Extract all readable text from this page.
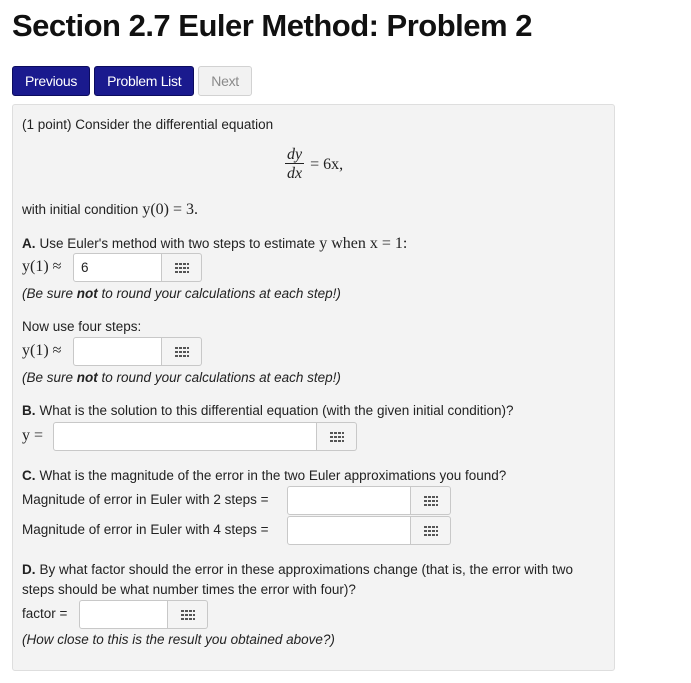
Section 2.7 Euler Method: Problem 2
Previous	Problem List	Next
(1 point) Consider the differential equation
$\frac{dy}{dx} = 6x$,
with initial condition y(0) = 3.
A. Use Euler's method with two steps to estimate y when x = 1:
y(1) ≈
6
(Be sure not to round your calculations at each step!)
Now use four steps:
y(1) ≈
(Be sure not to round your calculations at each step!)
B. What is the solution to this differential equation (with the given initial condition)?
y =
C. What is the magnitude of the error in the two Euler approximations you found?
Magnitude of error in Euler with 2 steps =
Magnitude of error in Euler with 4 steps =
D. By what factor should the error in these approximations change (that is, the error with two
steps should be what number times the error with four)?
factor =
(How close to this is the result you obtained above?)
